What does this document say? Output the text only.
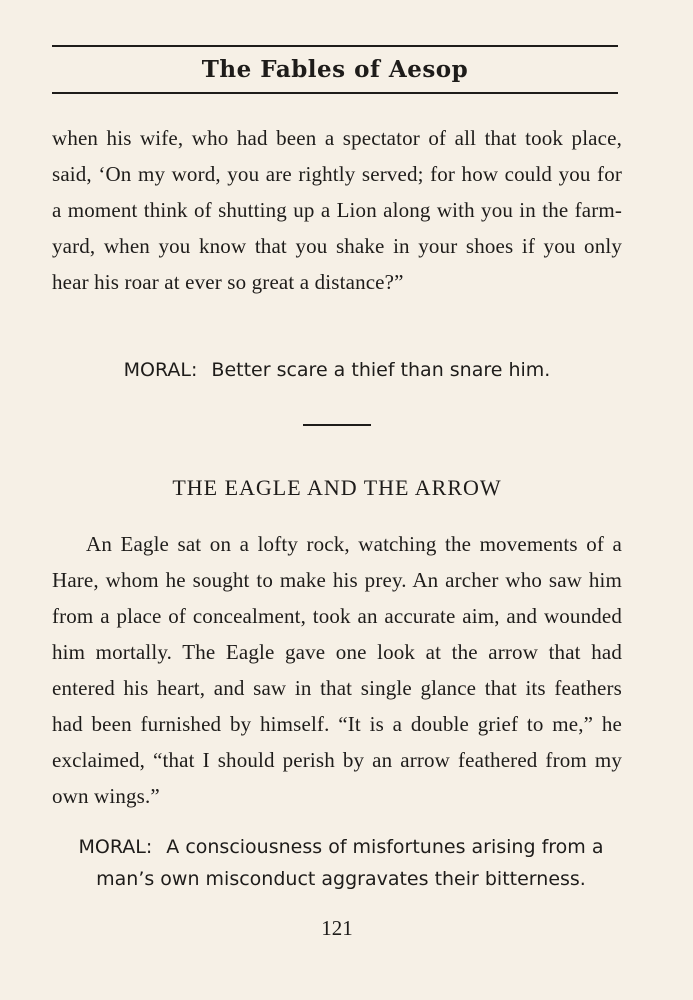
The Fables of Aesop
when his wife, who had been a spectator of all that took place, said, ‘On my word, you are rightly served; for how could you for a moment think of shutting up a Lion along with you in the farm-yard, when you know that you shake in your shoes if you only hear his roar at ever so great a distance?”
MORAL: Better scare a thief than snare him.
THE EAGLE AND THE ARROW
An Eagle sat on a lofty rock, watching the movements of a Hare, whom he sought to make his prey. An archer who saw him from a place of concealment, took an accurate aim, and wounded him mortally. The Eagle gave one look at the arrow that had entered his heart, and saw in that single glance that its feathers had been furnished by himself. “It is a double grief to me,” he exclaimed, “that I should perish by an arrow feathered from my own wings.”
MORAL: A consciousness of misfortunes arising from a man’s own misconduct aggravates their bitterness.
121
